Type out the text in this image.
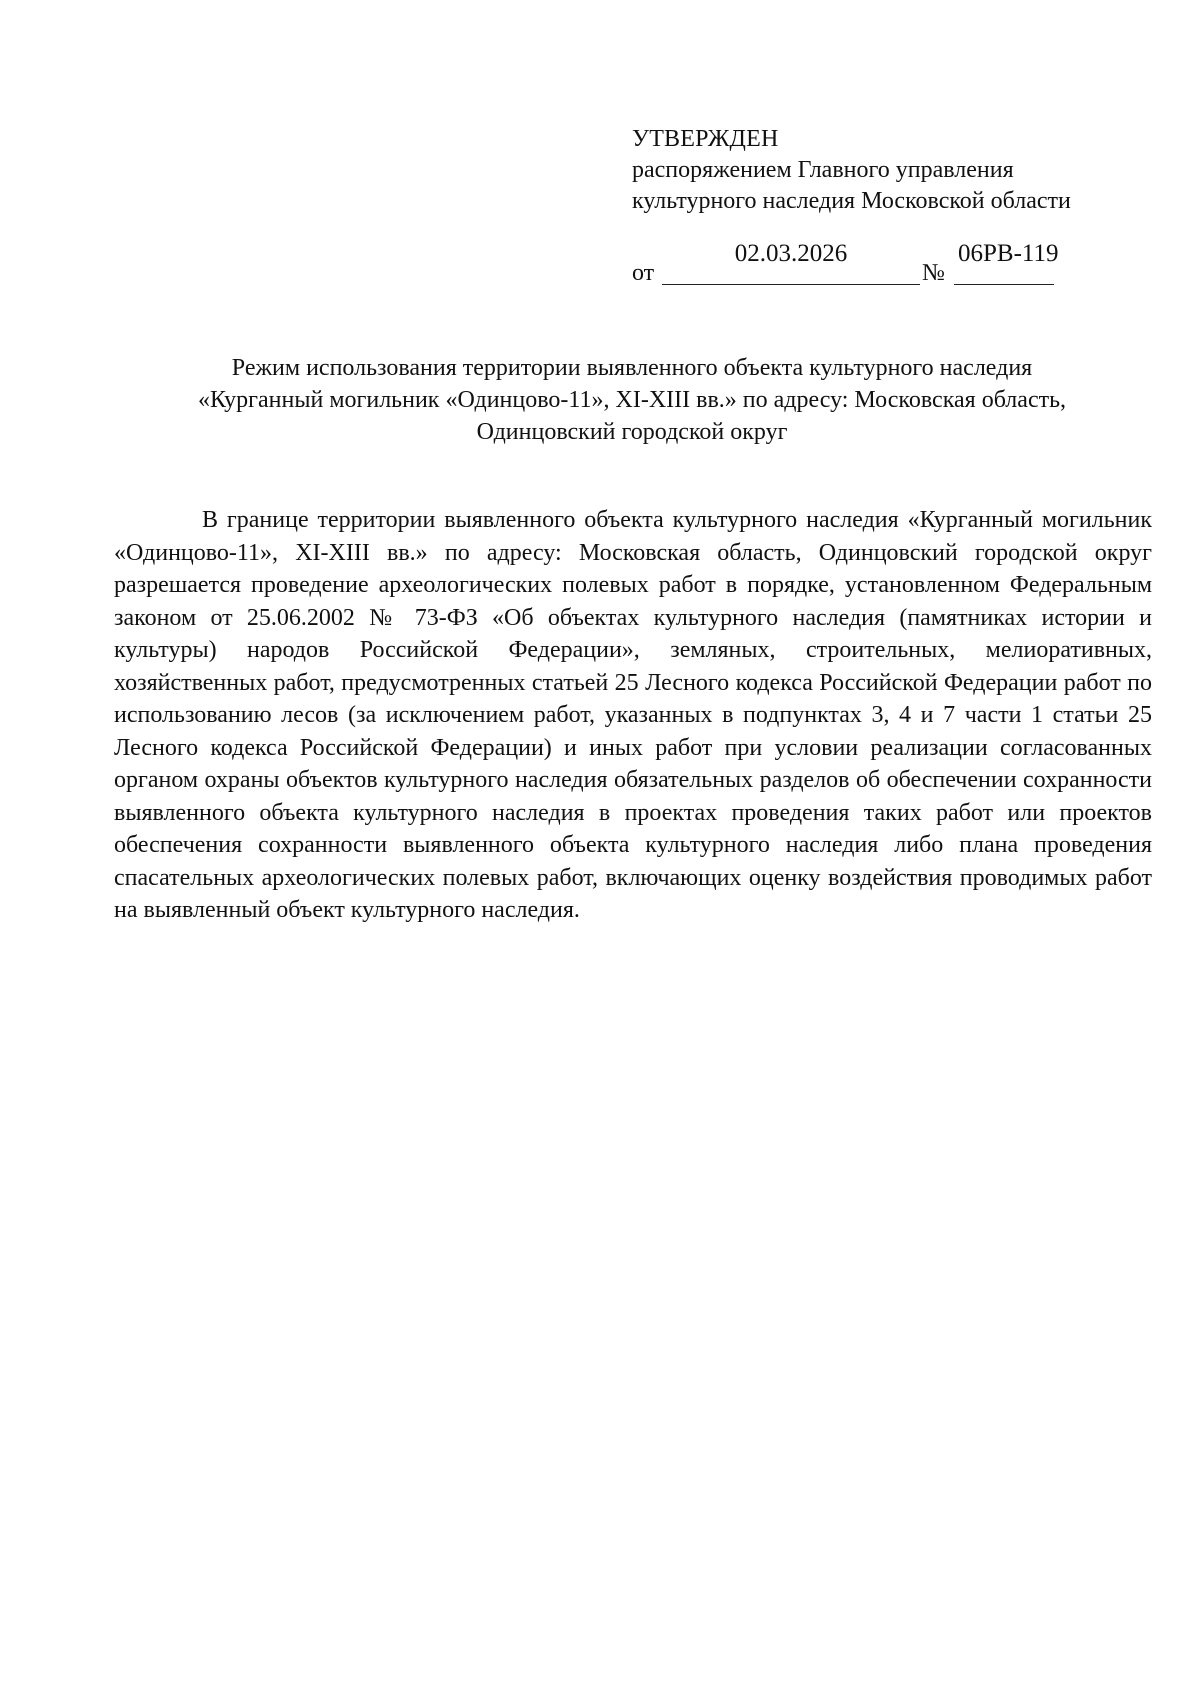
УТВЕРЖДЕН
распоряжением Главного управления
культурного наследия Московской области
от
02.03.2026
№
06РВ-119
Режим использования территории выявленного объекта культурного наследия
«Курганный могильник «Одинцово-11», XI-XIII вв.» по адресу: Московская область,
Одинцовский городской округ

В границе территории выявленного объекта культурного наследия «Курганный могильник «Одинцово-11», XI-XIII вв.» по адресу: Московская область, Одинцовский городской округ разрешается проведение археологических полевых работ в порядке, установленном Федеральным законом от 25.06.2002 № 73-ФЗ «Об объектах культурного наследия (памятниках истории и культуры) народов Российской Федерации», земляных, строительных, мелиоративных, хозяйственных работ, предусмотренных статьей 25 Лесного кодекса Российской Федерации работ по использованию лесов (за исключением работ, указанных в подпунктах 3, 4 и 7 части 1 статьи 25 Лесного кодекса Российской Федерации) и иных работ при условии реализации согласованных органом охраны объектов культурного наследия обязательных разделов об обеспечении сохранности выявленного объекта культурного наследия в проектах проведения таких работ или проектов обеспечения сохранности выявленного объекта культурного наследия либо плана проведения спасательных археологических полевых работ, включающих оценку воздействия проводимых работ на выявленный объект культурного наследия.
